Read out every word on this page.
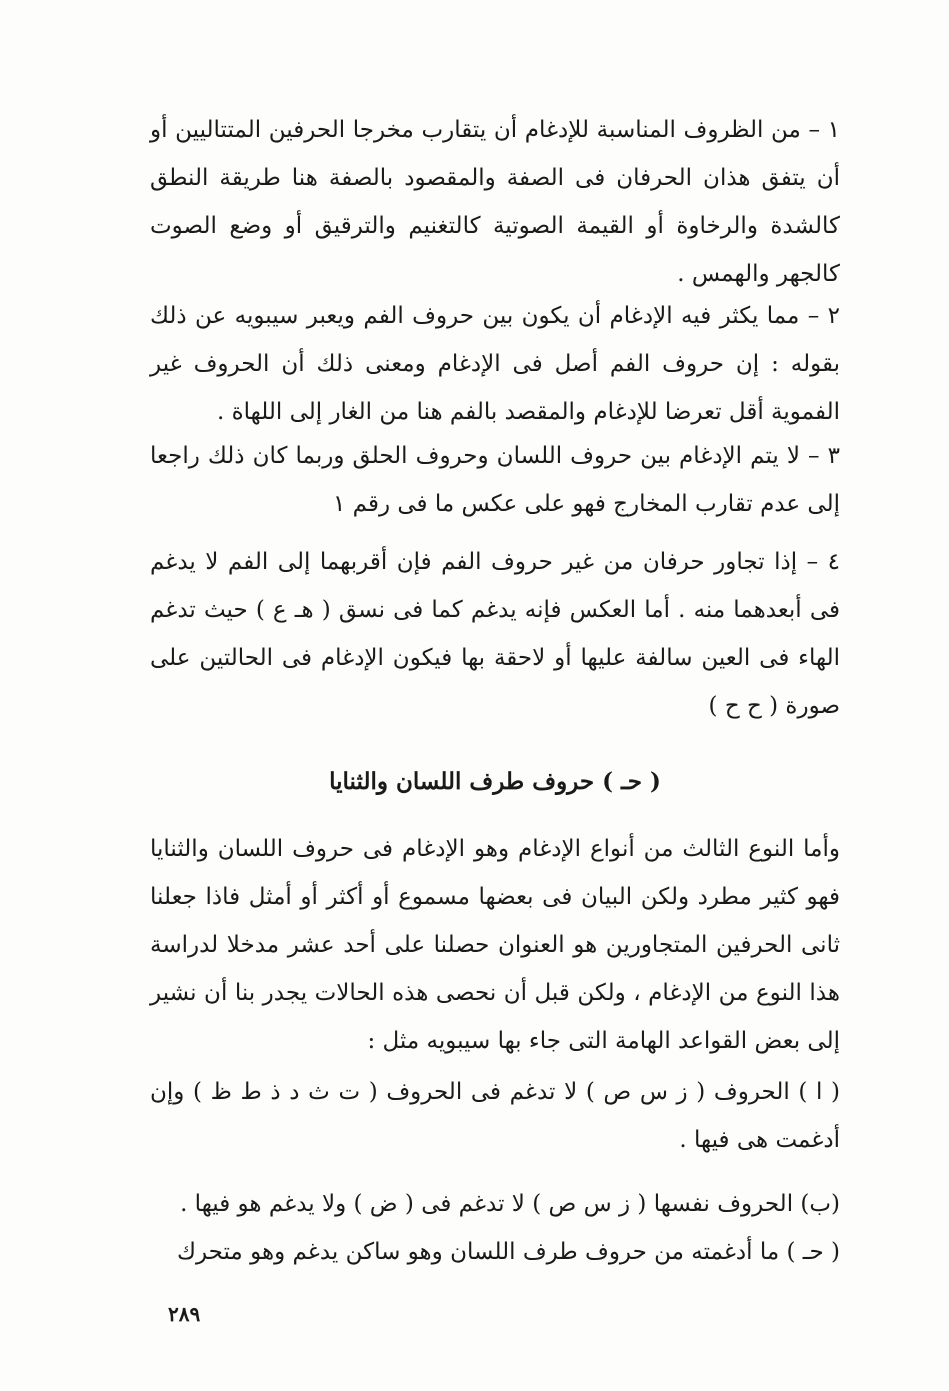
١ – من الظروف المناسبة للإدغام أن يتقارب مخرجا الحرفين المتتاليين أو أن يتفق هذان الحرفان فى الصفة والمقصود بالصفة هنا طريقة النطق كالشدة والرخاوة أو القيمة الصوتية كالتغنيم والترقيق أو وضع الصوت كالجهر والهمس .

٢ – مما يكثر فيه الإدغام أن يكون بين حروف الفم ويعبر سيبويه عن ذلك بقوله : إن حروف الفم أصل فى الإدغام ومعنى ذلك أن الحروف غير الفموية أقل تعرضا للإدغام والمقصد بالفم هنا من الغار إلى اللهاة .

٣ – لا يتم الإدغام بين حروف اللسان وحروف الحلق وربما كان ذلك راجعا إلى عدم تقارب المخارج فهو على عكس ما فى رقم ١

٤ – إذا تجاور حرفان من غير حروف الفم فإن أقربهما إلى الفم لا يدغم فى أبعدهما منه . أما العكس فإنه يدغم كما فى نسق ( هـ ع ) حيث تدغم الهاء فى العين سالفة عليها أو لاحقة بها فيكون الإدغام فى الحالتين على صورة ( ح ح )

( حـ ) حروف طرف اللسان والثنايا

وأما النوع الثالث من أنواع الإدغام وهو الإدغام فى حروف اللسان والثنايا فهو كثير مطرد ولكن البيان فى بعضها مسموع أو أكثر أو أمثل فاذا جعلنا ثانى الحرفين المتجاورين هو العنوان حصلنا على أحد عشر مدخلا لدراسة هذا النوع من الإدغام ، ولكن قبل أن نحصى هذه الحالات يجدر بنا أن نشير إلى بعض القواعد الهامة التى جاء بها سيبويه مثل :

( ا ) الحروف ( ز س ص ) لا تدغم فى الحروف ( ت ث د ذ ط ظ ) وإن أدغمت هى فيها .

(ب) الحروف نفسها ( ز س ص ) لا تدغم فى ( ض ) ولا يدغم هو فيها .

( حـ ) ما أدغمته من حروف طرف اللسان وهو ساكن يدغم وهو متحرك

٢٨٩
